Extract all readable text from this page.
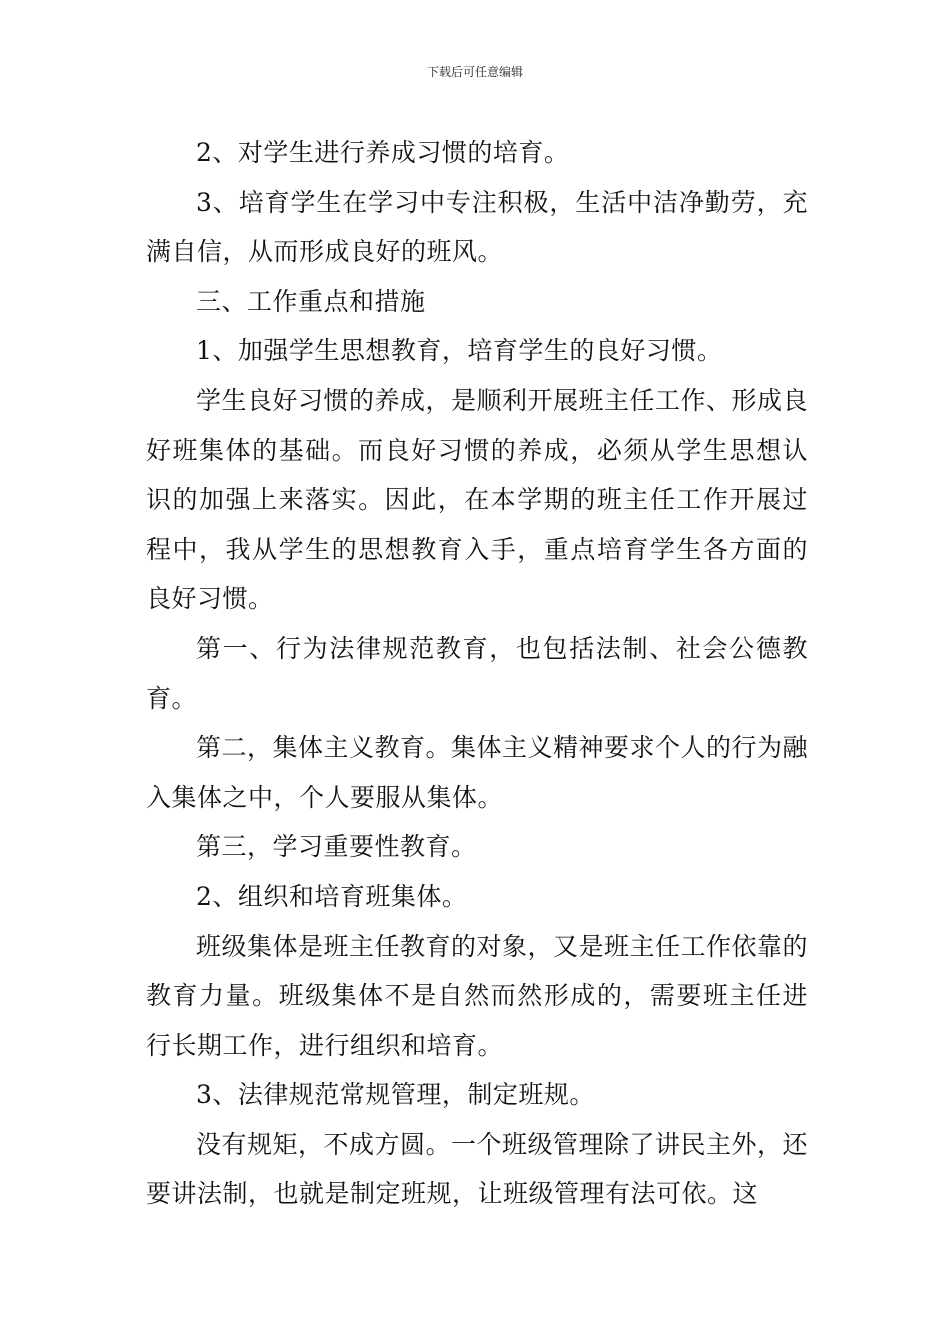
下载后可任意编辑

2、对学生进行养成习惯的培育。

3、培育学生在学习中专注积极，生活中洁净勤劳，充满自信，从而形成良好的班风。

三、工作重点和措施

1、加强学生思想教育，培育学生的良好习惯。

学生良好习惯的养成，是顺利开展班主任工作、形成良好班集体的基础。而良好习惯的养成，必须从学生思想认识的加强上来落实。因此，在本学期的班主任工作开展过程中，我从学生的思想教育入手，重点培育学生各方面的良好习惯。

第一、行为法律规范教育，也包括法制、社会公德教育。

第二，集体主义教育。集体主义精神要求个人的行为融入集体之中，个人要服从集体。

第三，学习重要性教育。

2、组织和培育班集体。

班级集体是班主任教育的对象，又是班主任工作依靠的教育力量。班级集体不是自然而然形成的，需要班主任进行长期工作，进行组织和培育。

3、法律规范常规管理，制定班规。

没有规矩，不成方圆。一个班级管理除了讲民主外，还要讲法制，也就是制定班规，让班级管理有法可依。这
